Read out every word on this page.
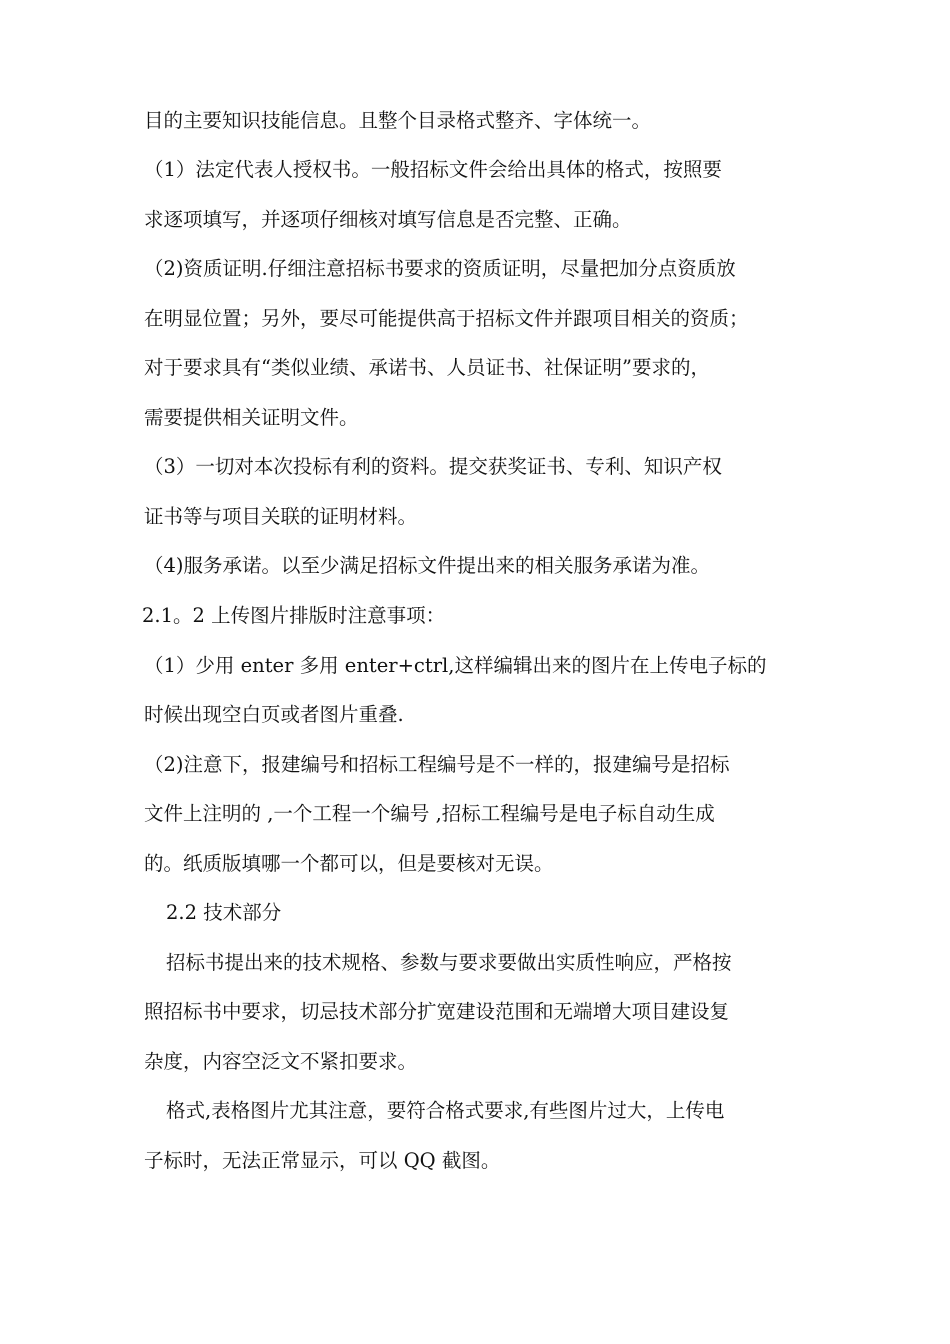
目的主要知识技能信息。且整个目录格式整齐、字体统一。
（1）法定代表人授权书。一般招标文件会给出具体的格式，按照要
求逐项填写，并逐项仔细核对填写信息是否完整、正确。
（2)资质证明.仔细注意招标书要求的资质证明，尽量把加分点资质放
在明显位置；另外，要尽可能提供高于招标文件并跟项目相关的资质；
对于要求具有“类似业绩、承诺书、人员证书、社保证明”要求的，
需要提供相关证明文件。
（3）一切对本次投标有利的资料。提交获奖证书、专利、知识产权
证书等与项目关联的证明材料。
（4)服务承诺。以至少满足招标文件提出来的相关服务承诺为准。
2.1。2 上传图片排版时注意事项：
（1）少用 enter 多用 enter+ctrl,这样编辑出来的图片在上传电子标的
时候出现空白页或者图片重叠.
（2)注意下，报建编号和招标工程编号是不一样的，报建编号是招标
文件上注明的 ,一个工程一个编号 ,招标工程编号是电子标自动生成
的。纸质版填哪一个都可以，但是要核对无误。
2.2 技术部分
招标书提出来的技术规格、参数与要求要做出实质性响应，严格按
照招标书中要求，切忌技术部分扩宽建设范围和无端增大项目建设复
杂度，内容空泛文不紧扣要求。
格式,表格图片尤其注意，要符合格式要求,有些图片过大，上传电
子标时，无法正常显示，可以 QQ 截图。
